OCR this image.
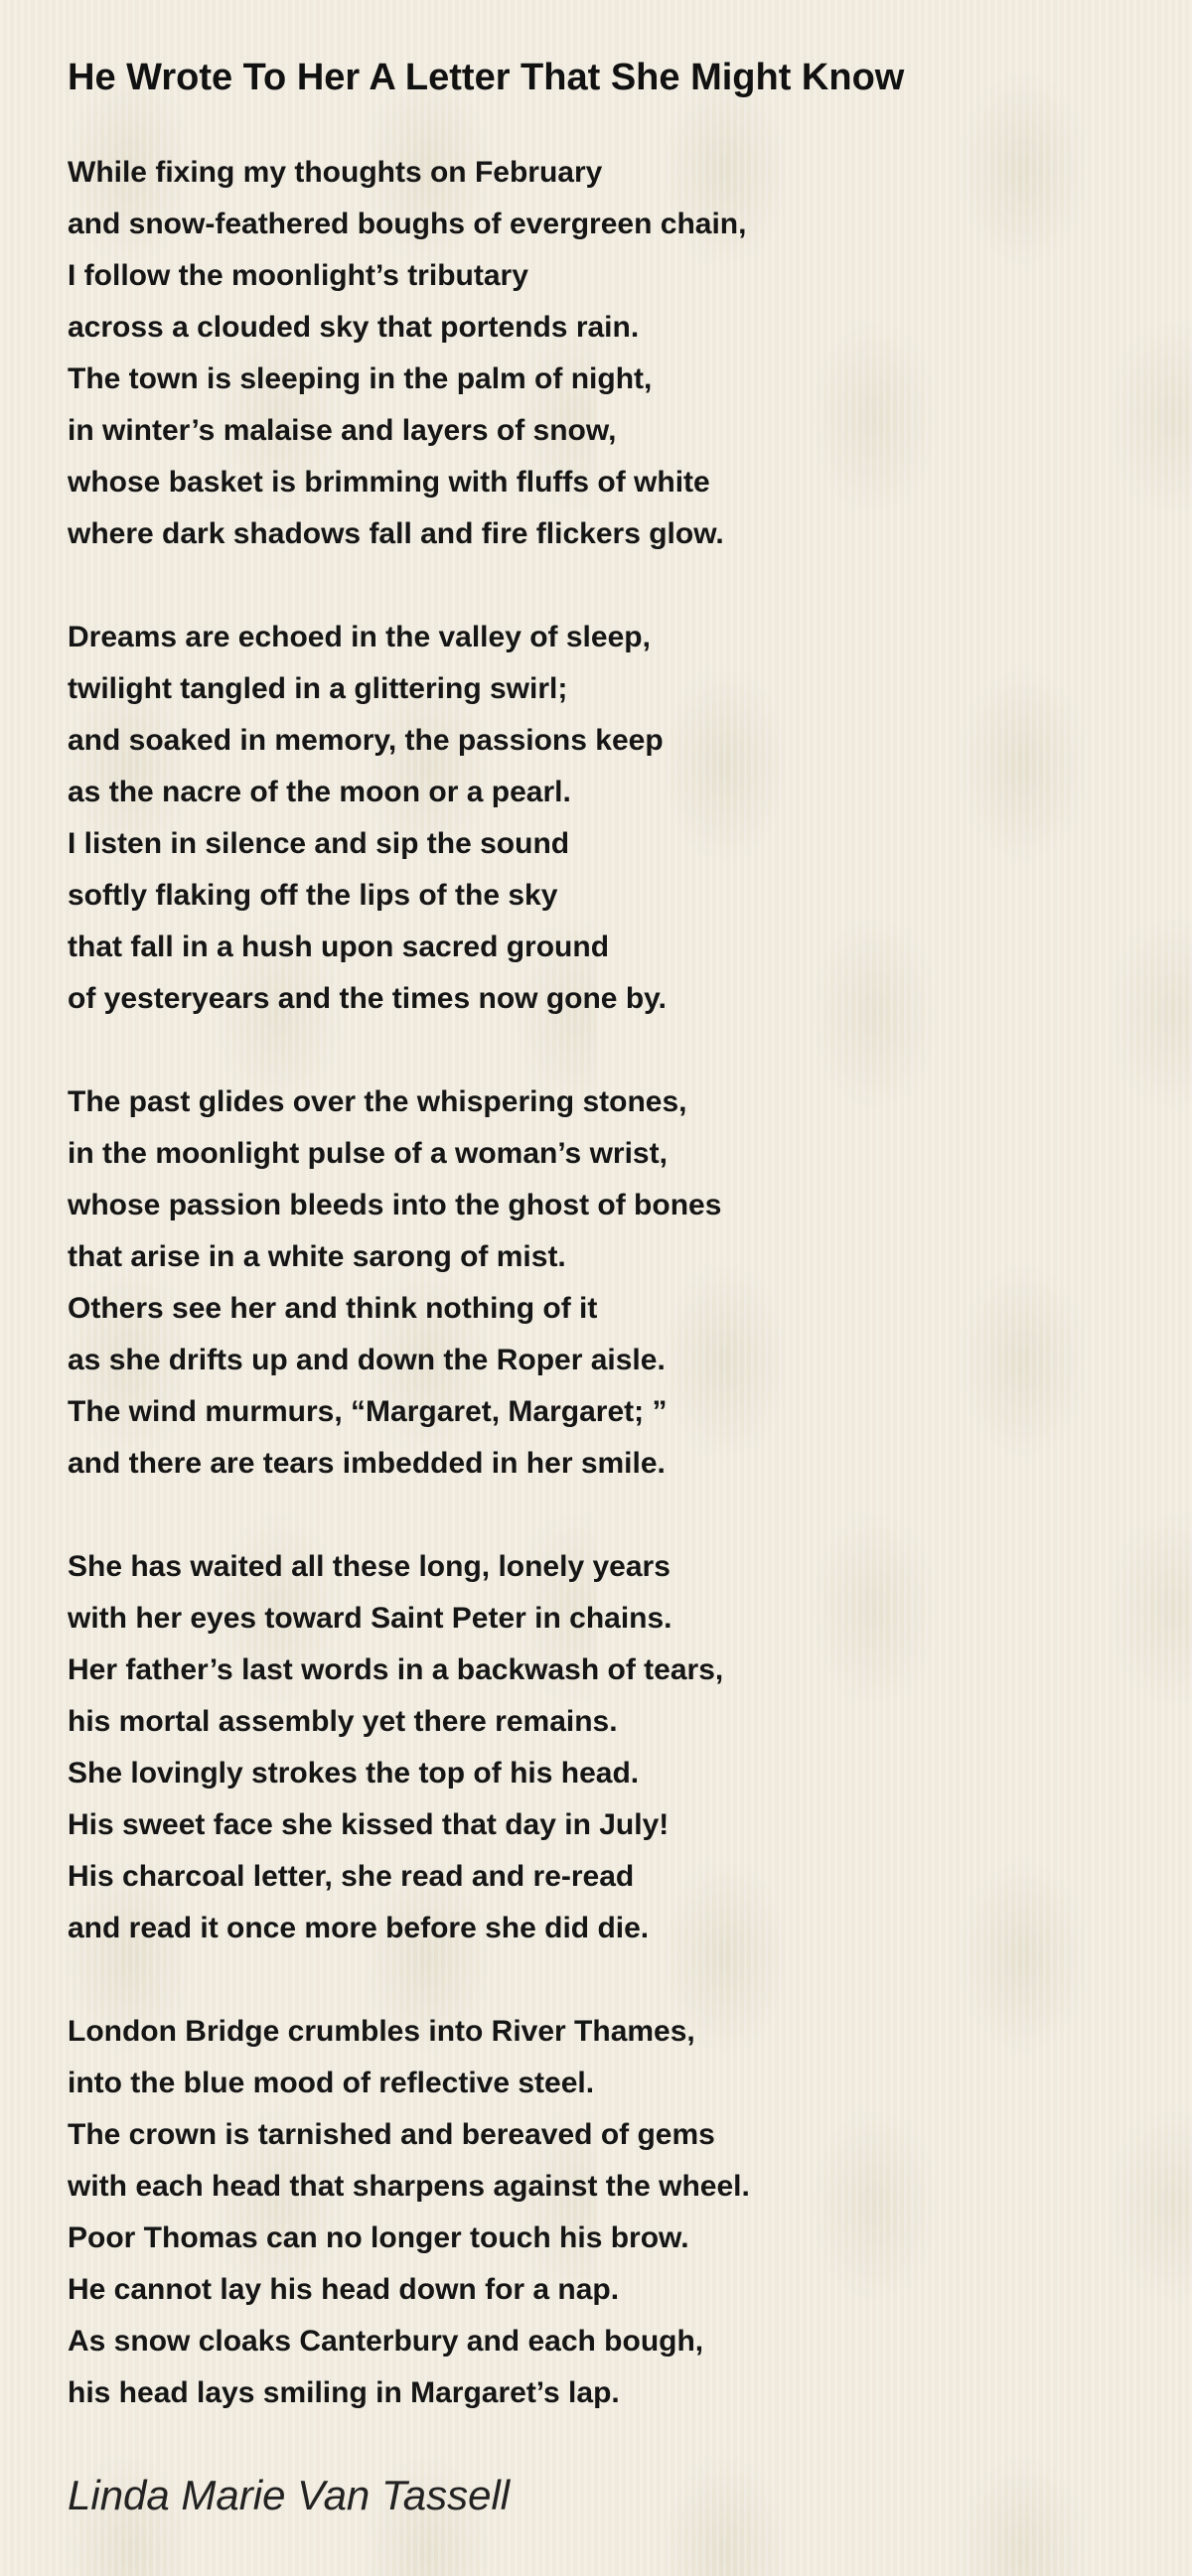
He Wrote To Her A Letter That She Might Know
While fixing my thoughts on February
and snow-feathered boughs of evergreen chain,
I follow the moonlight’s tributary
across a clouded sky that portends rain.
The town is sleeping in the palm of night,
in winter’s malaise and layers of snow,
whose basket is brimming with fluffs of white
where dark shadows fall and fire flickers glow.
Dreams are echoed in the valley of sleep,
twilight tangled in a glittering swirl;
and soaked in memory, the passions keep
as the nacre of the moon or a pearl.
I listen in silence and sip the sound
softly flaking off the lips of the sky
that fall in a hush upon sacred ground
of yesteryears and the times now gone by.
The past glides over the whispering stones,
in the moonlight pulse of a woman’s wrist,
whose passion bleeds into the ghost of bones
that arise in a white sarong of mist.
Others see her and think nothing of it
as she drifts up and down the Roper aisle.
The wind murmurs, “Margaret, Margaret; ”
and there are tears imbedded in her smile.
She has waited all these long, lonely years
with her eyes toward Saint Peter in chains.
Her father’s last words in a backwash of tears,
his mortal assembly yet there remains.
She lovingly strokes the top of his head.
His sweet face she kissed that day in July!
His charcoal letter, she read and re-read
and read it once more before she did die.
London Bridge crumbles into River Thames,
into the blue mood of reflective steel.
The crown is tarnished and bereaved of gems
with each head that sharpens against the wheel.
Poor Thomas can no longer touch his brow.
He cannot lay his head down for a nap.
As snow cloaks Canterbury and each bough,
his head lays smiling in Margaret’s lap.

Linda Marie Van Tassell
